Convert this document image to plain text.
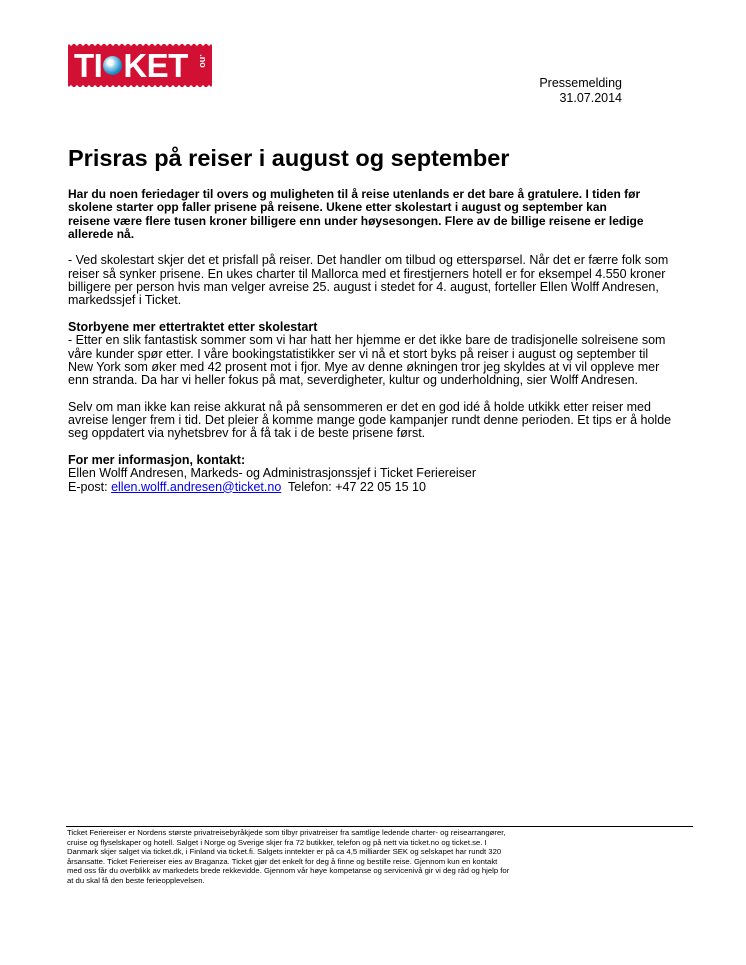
TI KET .no
Pressemelding
31.07.2014
Prisras på reiser i august og september

Har du noen feriedager til overs og muligheten til å reise utenlands er det bare å gratulere. I tiden før
skolene starter opp faller prisene på reisene. Ukene etter skolestart i august og september kan
reisene være flere tusen kroner billigere enn under høysesongen. Flere av de billige reisene er ledige
allerede nå.

- Ved skolestart skjer det et prisfall på reiser. Det handler om tilbud og etterspørsel. Når det er færre folk som
reiser så synker prisene. En ukes charter til Mallorca med et firestjerners hotell er for eksempel 4.550 kroner
billigere per person hvis man velger avreise 25. august i stedet for 4. august, forteller Ellen Wolff Andresen,
markedssjef i Ticket.

Storbyene mer ettertraktet etter skolestart
- Etter en slik fantastisk sommer som vi har hatt her hjemme er det ikke bare de tradisjonelle solreisene som
våre kunder spør etter. I våre bookingstatistikker ser vi nå et stort byks på reiser i august og september til
New York som øker med 42 prosent mot i fjor. Mye av denne økningen tror jeg skyldes at vi vil oppleve mer
enn stranda. Da har vi heller fokus på mat, severdigheter, kultur og underholdning, sier Wolff Andresen.

Selv om man ikke kan reise akkurat nå på sensommeren er det en god idé å holde utkikk etter reiser med
avreise lenger frem i tid. Det pleier å komme mange gode kampanjer rundt denne perioden. Et tips er å holde
seg oppdatert via nyhetsbrev for å få tak i de beste prisene først.

For mer informasjon, kontakt:
Ellen Wolff Andresen, Markeds- og Administrasjonssjef i Ticket Feriereiser
E-post: ellen.wolff.andresen@ticket.no  Telefon: +47 22 05 15 10

Ticket Feriereiser er Nordens største privatreisebyråkjede som tilbyr privatreiser fra samtlige ledende charter- og reisearrangører,
cruise og flyselskaper og hotell. Salget i Norge og Sverige skjer fra 72 butikker, telefon og på nett via ticket.no og ticket.se. I
Danmark skjer salget via ticket.dk, i Finland via ticket.fi. Salgets inntekter er på ca 4,5 milliarder SEK og selskapet har rundt 320
årsansatte. Ticket Feriereiser eies av Braganza. Ticket gjør det enkelt for deg å finne og bestille reise. Gjennom kun en kontakt
med oss får du overblikk av markedets brede rekkevidde. Gjennom vår høye kompetanse og servicenivå gir vi deg råd og hjelp for
at du skal få den beste ferieopplevelsen.
